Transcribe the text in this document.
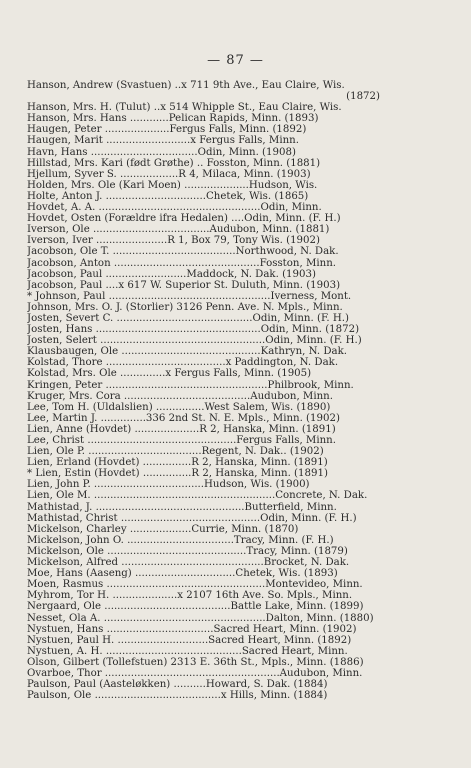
— 87 —
Hanson, Andrew (Svastuen) ..x 711 9th Ave., Eau Claire, Wis.
(1872)
Hanson, Mrs. H. (Tulut) ..x 514 Whipple St., Eau Claire, Wis.
Hanson, Mrs. Hans ............Pelican Rapids, Minn. (1893)
Haugen, Peter ....................Fergus Falls, Minn. (1892)
Haugen, Marit ..........................x Fergus Falls, Minn.
Havn, Hans .................................Odin, Minn. (1908)
Hillstad, Mrs. Kari (født Grøthe) .. Fosston, Minn. (1881)
Hjellum, Syver S. ..................R 4, Milaca, Minn. (1903)
Holden, Mrs. Ole (Kari Moen) ....................Hudson, Wis.
Holte, Anton J. ...............................Chetek, Wis. (1865)
Hovdet, A. A. ..................................................Odin, Minn.
Hovdet, Osten (Forældre ifra Hedalen) ....Odin, Minn. (F. H.)
Iverson, Ole ....................................Audubon, Minn. (1881)
Iverson, Iver ......................R 1, Box 79, Tony Wis. (1902)
Jacobson, Ole T. ......................................Northwood, N. Dak.
Jacobson, Anton .............................................Fosston, Minn.
Jacobson, Paul .........................Maddock, N. Dak. (1903)
Jacobson, Paul ....x 617 W. Superior St. Duluth, Minn. (1903)
* Johnson, Paul ..................................................Iverness, Mont.
Johnson, Mrs. O. J. (Storlier) 3126 Penn. Ave. N. Mpls., Minn.
Josten, Severt C. ..........................................Odin, Minn. (F. H.)
Josten, Hans ...................................................Odin, Minn. (1872)
Josten, Selert ...................................................Odin, Minn. (F. H.)
Klausbaugen, Ole ...........................................Kathryn, N. Dak.
Kolstad, Thore .....................................x Paddington, N. Dak.
Kolstad, Mrs. Ole ..............x Fergus Falls, Minn. (1905)
Kringen, Peter ..................................................Philbrook, Minn.
Kruger, Mrs. Cora .......................................Audubon, Minn.
Lee, Tom H. (Uldalslien) ...............West Salem, Wis. (1890)
Lee, Martin J. ..............336 2nd St. N. E. Mpls., Minn. (1902)
Lien, Anne (Hovdet) ....................R 2, Hanska, Minn. (1891)
Lee, Christ ..............................................Fergus Falls, Minn.
Lien, Ole P. ...................................Regent, N. Dak.. (1902)
Lien, Erland (Hovdet) ...............R 2, Hanska, Minn. (1891)
* Lien, Estin (Hovdet) ...............R 2, Hanska, Minn. (1891)
Lien, John P. ..................................Hudson, Wis. (1900)
Lien, Ole M. ........................................................Concrete, N. Dak.
Mathistad, J. ..............................................Butterfield, Minn.
Mathistad, Christ ...........................................Odin, Minn. (F. H.)
Mickelson, Charley ...................Currie, Minn. (1870)
Mickelson, John O. .................................Tracy, Minn. (F. H.)
Mickelson, Ole ...........................................Tracy, Minn. (1879)
Mickelson, Alfred ............................................Brocket, N. Dak.
Moe, Hans (Aaseng) ...............................Chetek, Wis. (1893)
Moen, Rasmus .................................................Montevideo, Minn.
Myhrom, Tor H. ....................x 2107 16th Ave. So. Mpls., Minn.
Nergaard, Ole .......................................Battle Lake, Minn. (1899)
Nesset, Ola A. ..................................................Dalton, Minn. (1880)
Nystuen, Hans .................................Sacred Heart, Minn. (1902)
Nystuen, Paul H. ............................Sacred Heart, Minn. (1892)
Nystuen, A. H. ..........................................Sacred Heart, Minn.
Olson, Gilbert (Tollefstuen) 2313 E. 36th St., Mpls., Minn. (1886)
Ovarboe, Thor ......................................................Audubon, Minn.
Paulson, Paul (Aasteløkken) ..........Howard, S. Dak. (1884)
Paulson, Ole .......................................x Hills, Minn. (1884)
